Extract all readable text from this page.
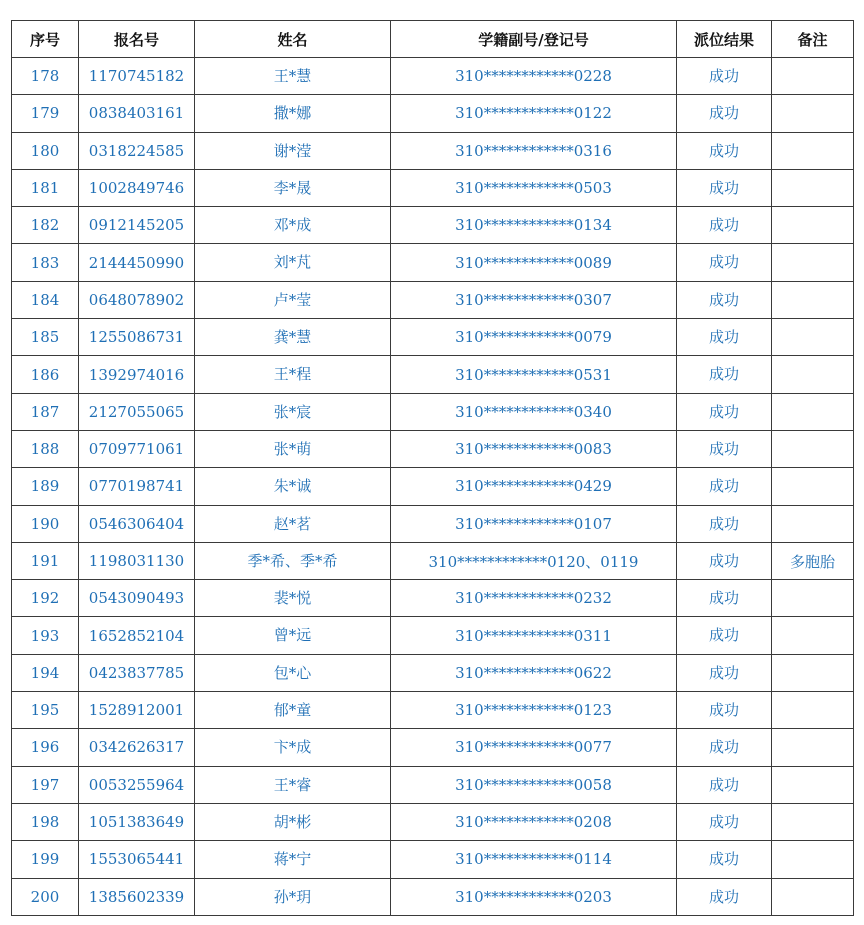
序号	报名号	姓名	学籍副号/登记号	派位结果	备注
178	1170745182	王*慧	310************0228	成功	
179	0838403161	撒*娜	310************0122	成功	
180	0318224585	谢*滢	310************0316	成功	
181	1002849746	李*晟	310************0503	成功	
182	0912145205	邓*成	310************0134	成功	
183	2144450990	刘*芃	310************0089	成功	
184	0648078902	卢*莹	310************0307	成功	
185	1255086731	龚*慧	310************0079	成功	
186	1392974016	王*程	310************0531	成功	
187	2127055065	张*宸	310************0340	成功	
188	0709771061	张*萌	310************0083	成功	
189	0770198741	朱*诚	310************0429	成功	
190	0546306404	赵*茗	310************0107	成功	
191	1198031130	季*希、季*希	310************0120、0119	成功	多胞胎
192	0543090493	裴*悦	310************0232	成功	
193	1652852104	曾*远	310************0311	成功	
194	0423837785	包*心	310************0622	成功	
195	1528912001	郁*童	310************0123	成功	
196	0342626317	卞*成	310************0077	成功	
197	0053255964	王*睿	310************0058	成功	
198	1051383649	胡*彬	310************0208	成功	
199	1553065441	蒋*宁	310************0114	成功	
200	1385602339	孙*玥	310************0203	成功	
